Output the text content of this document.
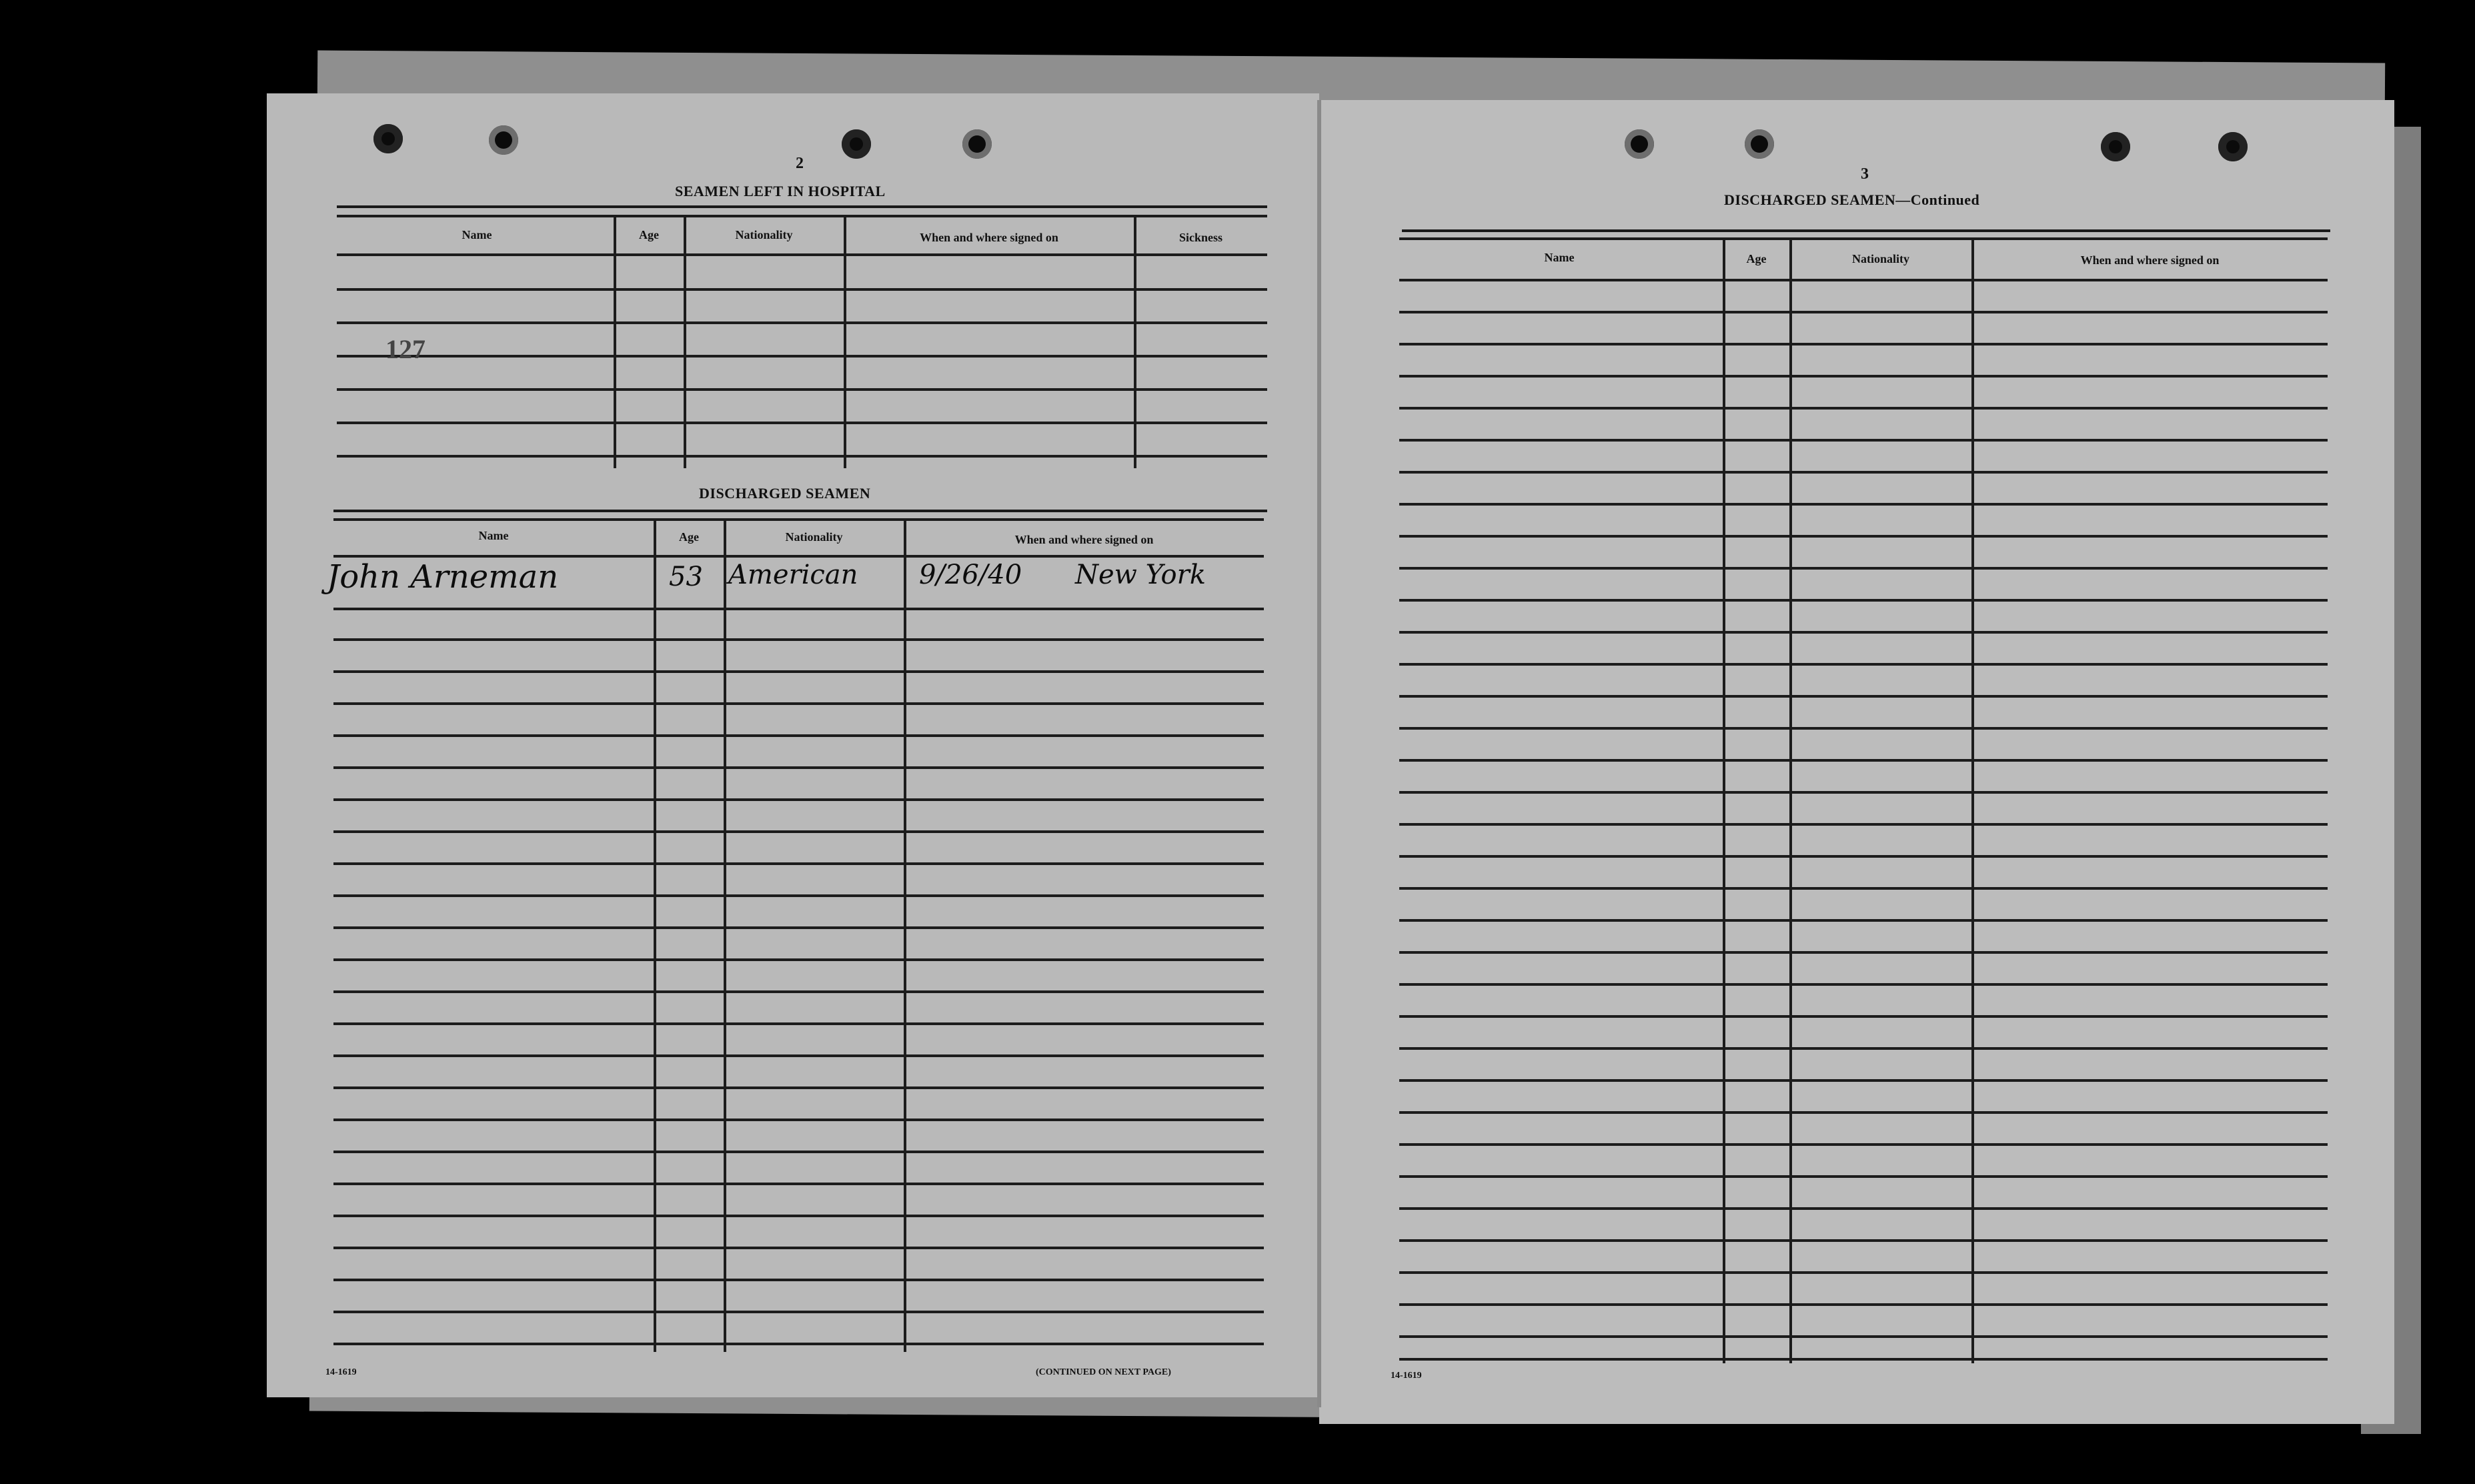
2
SEAMEN LEFT IN HOSPITAL
Name	Age	Nationality	When and where signed on	Sickness
127
DISCHARGED SEAMEN
Name	Age	Nationality	When and where signed on
John Arneman	53 American 9/26/40 New York
14-1619	(CONTINUED ON NEXT PAGE)
3
DISCHARGED SEAMEN—Continued
Name	Age	Nationality	When and where signed on
14-1619
